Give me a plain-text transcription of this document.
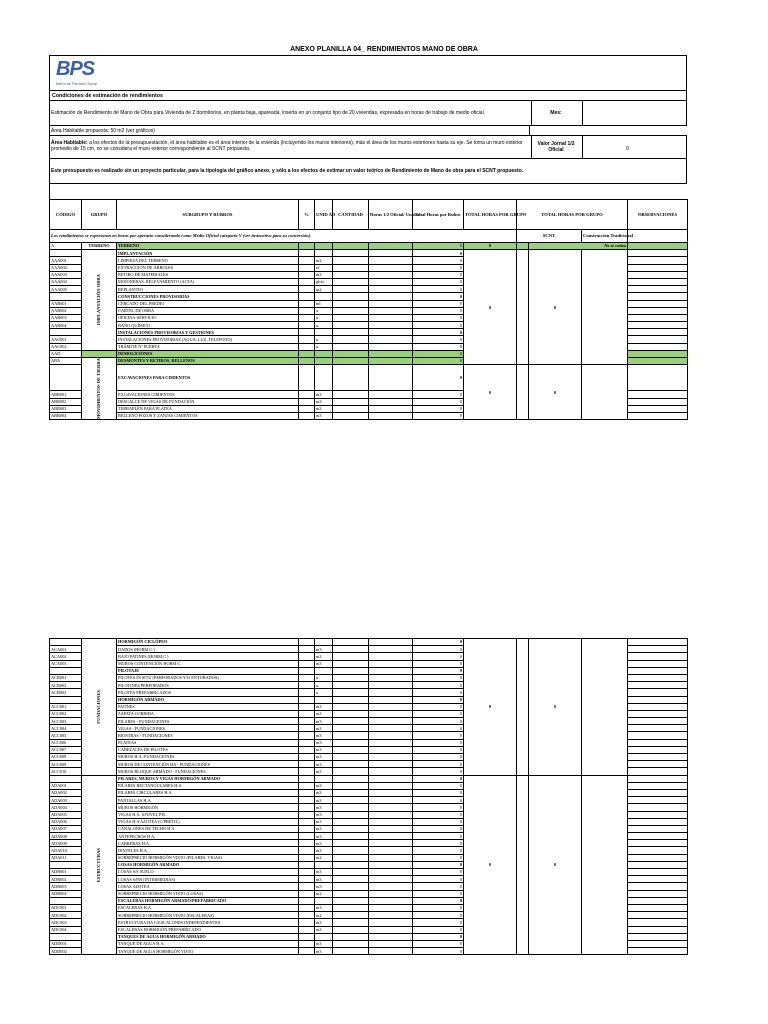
ANEXO PLANILLA 04_ RENDIMIENTOS MANO DE OBRA
BPS
Banco de Previsión Social
Condiciones de estimación de rendimientos
Estimación de Rendimiento de Mano de Obra para Vivienda de 2 dormitorios, en planta baja, apareada, inserta en un conjunto tipo de 20 viviendas, expresada en horas de trabajo de medio oficial.	Mes:
Área Habitable propuesta: 50 m2 (ver gráficos)
Área Habitable: a los efectos de la presupuestación, el área habitable es el área interior de la vivienda (incluyendo los muros interiores), más el área de los muros exteriores hasta su eje. Se toma un muro exterior promedio de 15 cm, no se considera el muro exterior correspondiente al SCNT propuesto.
Valor Jornal 1/2 Oficial	0
Este presupuesto es realizado sin un proyecto particular, para la tipología del gráfico anexo, y sólo a los efectos de estimar un valor teórico de Rendimiento de Mano de obra para el SCNT propuesto.
CÓDIGO	GRUPO	SUBGRUPO Y RUBROS	%	UNID AD	CANTIDAD	Horas 1/2 Oficial/ Unidad	Total Horas por Rubro	TOTAL HORAS POR GRUPO	TOTAL HORAS POR GRUPO			OBSERVACIONES
Los rendimientos se expresaran en horas por operario considerando como Medio Oficial categoría V (ver instructivo para su conversión).									SCNT		Construcción Tradicional	
A	TERRENO	TERRENO					0	0		No se cotiza		

	IMPLANTACIÓN OBRA	IMPLANTACIÓN					0	0		0		
AAA001		LIMPIEZA DEL TERRENO		m2			0					
AAA002		EXTRACCIÓN DE ÁRBOLES		id			0					
AAA003		RETIRO DE MATERIALES		m3			0					
AAA004		MOJONERAS, RELEVAMIENTO (ACTA)		glob.			0					
AAA005		REPLANTEO		m2			0					
		CONSTRUCCIONES PROVISORIAS					0					
AAB001		CERCADO DEL PREDIO		ml			0					
AAB002		CARTEL DE OBRA		u			0					
AAB003		OFICINA-SERVICIO		u			0					
AAB004		BAÑO QUÍMICO		u			0					
		INSTALACIONES PROVISORIAS Y GESTIONES					0					
AAC001		INSTALACIONES PROVISORIAS (AGUA, LUZ ,TELEFONO)		u			0					
AAC002		TRÁMITE Nº PUERTA		u			0					
AAD		DEMOLICIONES					0					
ABA	MOVIMIENTOS DE TIERRA	DESMONTES Y RETIROS, RELLENOS					0					
		EXCAVACIONES PARA CIMIENTOS					0	0		0		
ABB001		EXCAVACIONES CIMIENTOS		m3			0					
ABB002		DESCALCE DE VIGAS DE FUNDACIÓN		m3			0					
ABB003		TERRAPLÉN PARA PLATEA		m3			0					
ABB004		RELLENO POZOS Y ZANJAS CIMIENTOS		m3			0					

	FUNDACIONES	HORMIGÓN CICLÓPEO					0	0		0		
ACA001		DADOS (HORM.C.)		m3			0					
ACA002		BAJO PATINES (HORM.C.)		m3			0					
ACA003		MUROS CONTENCIÓN HORM.C.		m3			0					
		PILOTAJE					0					
ACB001		PILOTES IN SITU (PERFORADOS Y/O ENTUBADOS)		u			0					
ACB002		PILOTINES PERFORADOS		u			0					
ACB003		PILOTES PREFABRICADOS		u			0					
		HORMIGÓN ARMADO					0					
ACC001		PATINES		m3			0					
ACC002		ZAPATA CORRIDA		m3			0					
ACC003		PILARES - FUNDACIONES		m3			0					
ACC004		VIGAS - FUNDACIONES		m3			0					
ACC005		RIOSTRAS - FUNDACIONES		m3			0					
ACC006		PLATEAS		m3			0					
ACC007		CABEZALES DE PILOTES		m3			0					
ACC008		MUROS H.A.-FUNDACIONES		m3			0					
ACC009		MUROS DE CONTENCIÓN HA - FUNDACIONES		m3			0					
ACC010		MUROS BLOQUE ARMADO - FUNDACIONES		m3			0					

	ESTRUCTURAS	PILARES, MUROS Y VIGAS HORMIGÓN ARMADO					0	0		0		
ADA001		PILARES RECTANGULARES H.A.		m3			0					
ADA002		PILARES CIRCULARES H.A.		m3			0					
ADA003		PANTALLAS H.A.		m3			0					
ADA004		MUROS HORMIGÓN		m3			0					
ADA005		VIGAS H.A. S/NIVEL P.B.		m3			0					
ADA006		VIGAS H.A AZOTEA (C/PRETIL)		m3			0					
ADA007		CANALONES DE TECHO H.A		m3			0					
ADA008		ANTEPECHOS H.A.		m3			0					
ADA009		CABRERAS H.A.		m3			0					
ADA010		DINTELES H.A.		m3			0					
ADA011		SOBREPRECIO HORMIGÓN VISTO (PILARES, VIGAS)		m2			0					
		LOSAS HORMIGÓN ARMADO					0					
ADB001		LOSAS S/S SUELO		m3			0					
ADB002		LOSAS S/P.B (INTERMEDIAS)		m3			0					
ADB003		LOSAS AZOTEA		m3			0					
ADB004		SOBREPRECIO HORMIGÓN VISTO (LOSAS)		m2			0					
		ESCALERAS HORMIGÓN ARMADO/PREFABRICADO					0					
ADC001		ESCALERAS H.A.		m3			0					
ADC002		SOBREPRECIO HORMIGÓN VISTO (ESCALERAS)		m2			0					
ADC003		ESTRUCTURA HA C/ESCALONES INDEPENDIENTES		m3			0					
ADC004		ESCALERAS HORMIGÓN PREFABRICADO		m3			0					
		TANQUES DE AGUA HORMIGÓN ARMADO					0					
ADD001		TANQUE DE AGUA H.A.		m3			0					
ADD002		TANQUE DE AGUA HORMIGÓN VISTO		m3			0					
